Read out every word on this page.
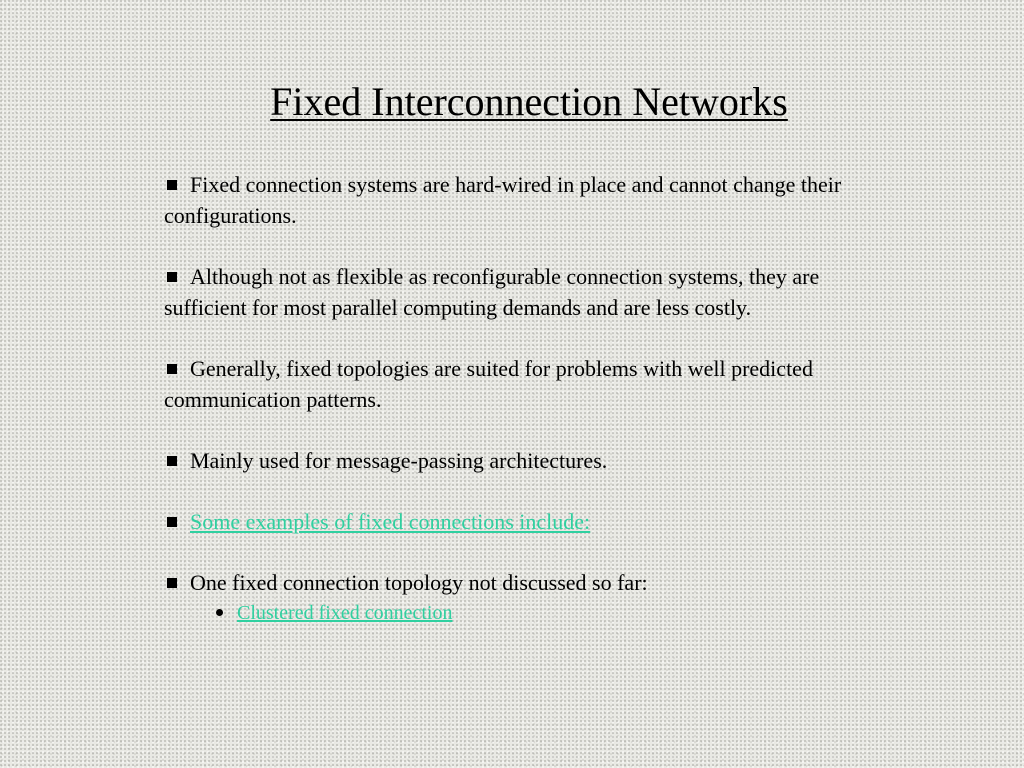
Fixed Interconnection Networks
Fixed connection systems are hard-wired in place and cannot change their configurations.
Although not as flexible as reconfigurable connection systems, they are sufficient for most parallel computing demands and are less costly.
Generally, fixed topologies are suited for problems with well predicted communication patterns.
Mainly used for message-passing architectures.
Some examples of fixed connections include:
One fixed connection topology not discussed so far:
Clustered fixed connection
